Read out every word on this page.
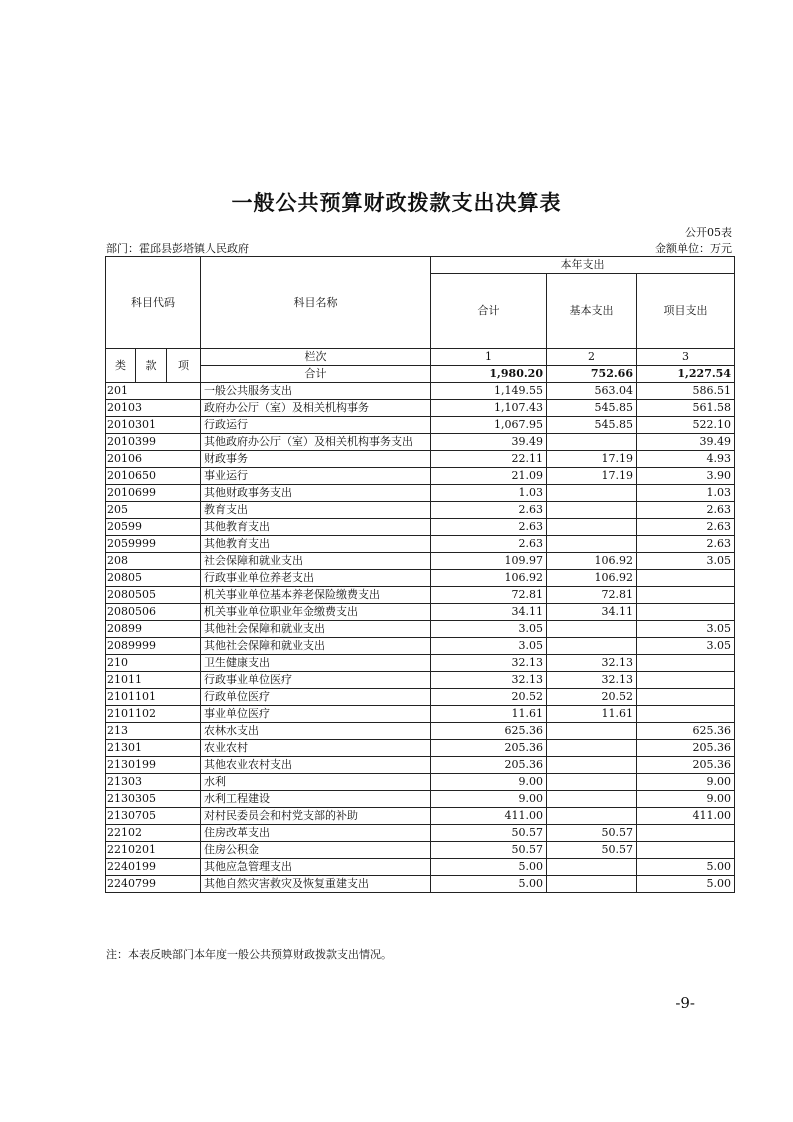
一般公共预算财政拨款支出决算表
公开05表
部门：霍邱县彭塔镇人民政府	金额单位：万元
科目代码			科目名称	本年支出		
				合计	基本支出	项目支出

类	款	项	栏次	1	2	3
			合计	1,980.20	752.66	1,227.54
201			一般公共服务支出	1,149.55	563.04	586.51
20103			政府办公厅（室）及相关机构事务	1,107.43	545.85	561.58
2010301			行政运行	1,067.95	545.85	522.10
2010399			其他政府办公厅（室）及相关机构事务支出	39.49		39.49
20106			财政事务	22.11	17.19	4.93
2010650			事业运行	21.09	17.19	3.90
2010699			其他财政事务支出	1.03		1.03
205			教育支出	2.63		2.63
20599			其他教育支出	2.63		2.63
2059999			其他教育支出	2.63		2.63
208			社会保障和就业支出	109.97	106.92	3.05
20805			行政事业单位养老支出	106.92	106.92	
2080505			机关事业单位基本养老保险缴费支出	72.81	72.81	
2080506			机关事业单位职业年金缴费支出	34.11	34.11	
20899			其他社会保障和就业支出	3.05		3.05
2089999			其他社会保障和就业支出	3.05		3.05
210			卫生健康支出	32.13	32.13	
21011			行政事业单位医疗	32.13	32.13	
2101101			行政单位医疗	20.52	20.52	
2101102			事业单位医疗	11.61	11.61	
213			农林水支出	625.36		625.36
21301			农业农村	205.36		205.36
2130199			其他农业农村支出	205.36		205.36
21303			水利	9.00		9.00
2130305			水利工程建设	9.00		9.00
2130705			对村民委员会和村党支部的补助	411.00		411.00
22102			住房改革支出	50.57	50.57	
2210201			住房公积金	50.57	50.57	
2240199			其他应急管理支出	5.00		5.00
2240799			其他自然灾害救灾及恢复重建支出	5.00		5.00
注：本表反映部门本年度一般公共预算财政拨款支出情况。
-9-
